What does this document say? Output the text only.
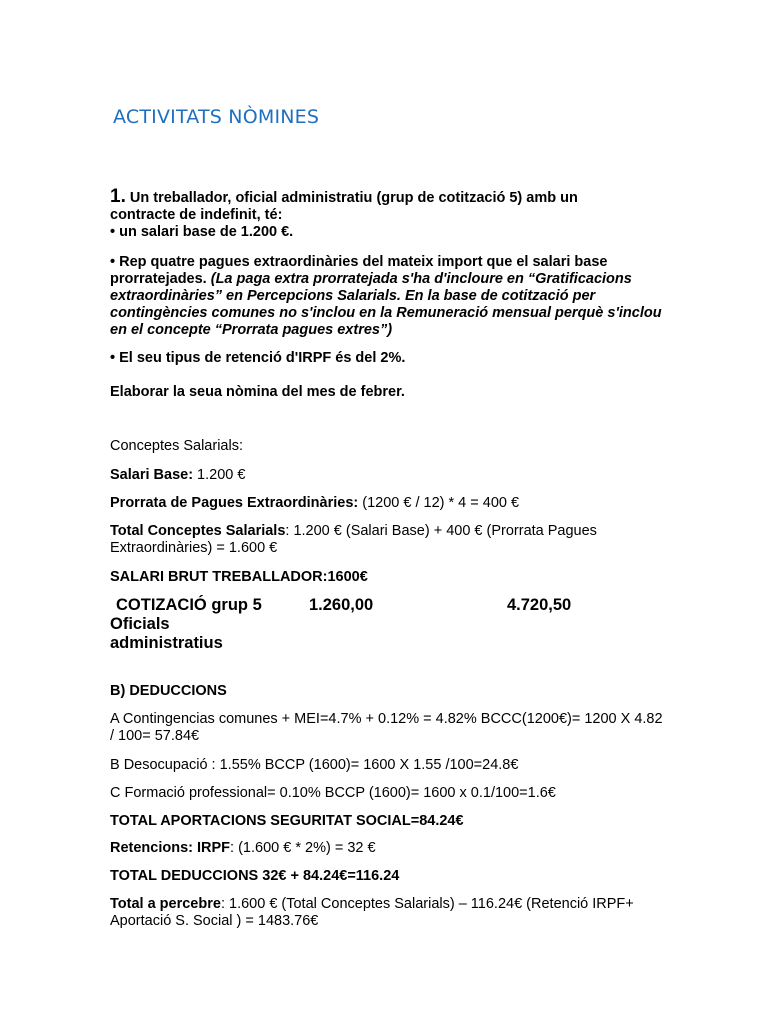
ACTIVITATS NÒMINES
1. Un treballador, oficial administratiu (grup de cotització 5) amb un
contracte de indefinit, té:
• un salari base de 1.200 €.
• Rep quatre pagues extraordinàries del mateix import que el salari base prorratejades. (La paga extra prorratejada s'ha d'incloure en “Gratificacions extraordinàries” en Percepcions Salarials. En la base de cotització per contingències comunes no s'inclou en la Remuneració mensual perquè s'inclou en el concepte “Prorrata pagues extres”)
• El seu tipus de retenció d'IRPF és del 2%.
Elaborar la seua nòmina del mes de febrer.
Conceptes Salarials:
Salari Base: 1.200 €
Prorrata de Pagues Extraordinàries: (1200 € / 12) * 4 = 400 €
Total Conceptes Salarials: 1.200 € (Salari Base) + 400 € (Prorrata Pagues Extraordinàries) = 1.600 €
SALARI BRUT TREBALLADOR:1600€
COTIZACIÓ grup 5	1.260,00	4.720,50
Oficials
administratius
B) DEDUCCIONS
A Contingencias comunes + MEI=4.7% + 0.12% = 4.82% BCCC(1200€)= 1200 X 4.82 / 100= 57.84€
B Desocupació : 1.55% BCCP (1600)= 1600 X 1.55 /100=24.8€
C Formació professional= 0.10% BCCP (1600)= 1600 x 0.1/100=1.6€
TOTAL APORTACIONS SEGURITAT SOCIAL=84.24€
Retencions: IRPF: (1.600 € * 2%) = 32 €
TOTAL DEDUCCIONS 32€ + 84.24€=116.24
Total a percebre: 1.600 € (Total Conceptes Salarials) – 116.24€ (Retenció IRPF+ Aportació S. Social ) = 1483.76€
